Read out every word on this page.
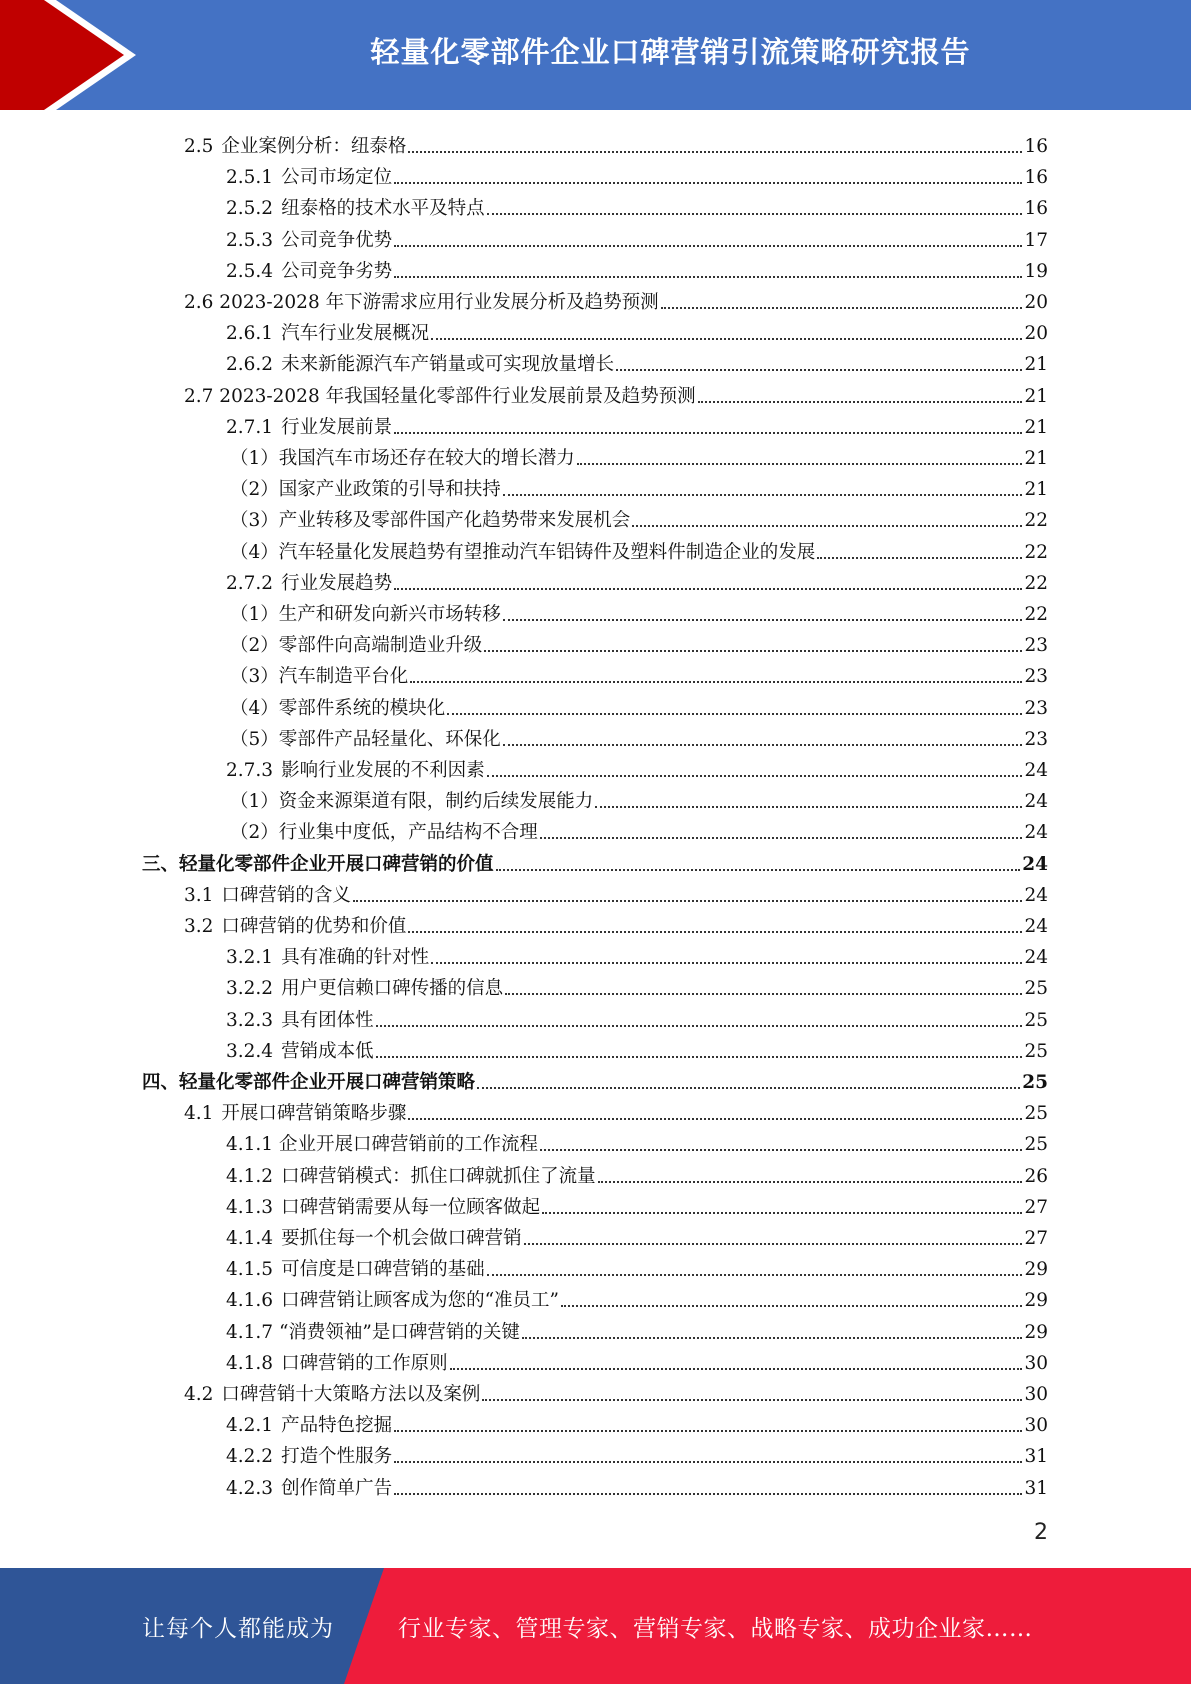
轻量化零部件企业口碑营销引流策略研究报告
2.5 企业案例分析：纽泰格	16
2.5.1 公司市场定位	16
2.5.2 纽泰格的技术水平及特点	16
2.5.3 公司竞争优势	17
2.5.4 公司竞争劣势	19
2.6 2023-2028 年下游需求应用行业发展分析及趋势预测	20
2.6.1 汽车行业发展概况	20
2.6.2 未来新能源汽车产销量或可实现放量增长	21
2.7 2023-2028 年我国轻量化零部件行业发展前景及趋势预测	21
2.7.1 行业发展前景	21
（1）我国汽车市场还存在较大的增长潜力	21
（2）国家产业政策的引导和扶持	21
（3）产业转移及零部件国产化趋势带来发展机会	22
（4）汽车轻量化发展趋势有望推动汽车铝铸件及塑料件制造企业的发展	22
2.7.2 行业发展趋势	22
（1）生产和研发向新兴市场转移	22
（2）零部件向高端制造业升级	23
（3）汽车制造平台化	23
（4）零部件系统的模块化	23
（5）零部件产品轻量化、环保化	23
2.7.3 影响行业发展的不利因素	24
（1）资金来源渠道有限，制约后续发展能力	24
（2）行业集中度低，产品结构不合理	24
三、轻量化零部件企业开展口碑营销的价值	24
3.1 口碑营销的含义	24
3.2 口碑营销的优势和价值	24
3.2.1 具有准确的针对性	24
3.2.2 用户更信赖口碑传播的信息	25
3.2.3 具有团体性	25
3.2.4 营销成本低	25
四、轻量化零部件企业开展口碑营销策略	25
4.1 开展口碑营销策略步骤	25
4.1.1 企业开展口碑营销前的工作流程	25
4.1.2 口碑营销模式：抓住口碑就抓住了流量	26
4.1.3 口碑营销需要从每一位顾客做起	27
4.1.4 要抓住每一个机会做口碑营销	27
4.1.5 可信度是口碑营销的基础	29
4.1.6 口碑营销让顾客成为您的“准员工”	29
4.1.7 “消费领袖”是口碑营销的关键	29
4.1.8 口碑营销的工作原则	30
4.2 口碑营销十大策略方法以及案例	30
4.2.1 产品特色挖掘	30
4.2.2 打造个性服务	31
4.2.3 创作简单广告	31
2
让每个人都能成为	行业专家、管理专家、营销专家、战略专家、成功企业家……
